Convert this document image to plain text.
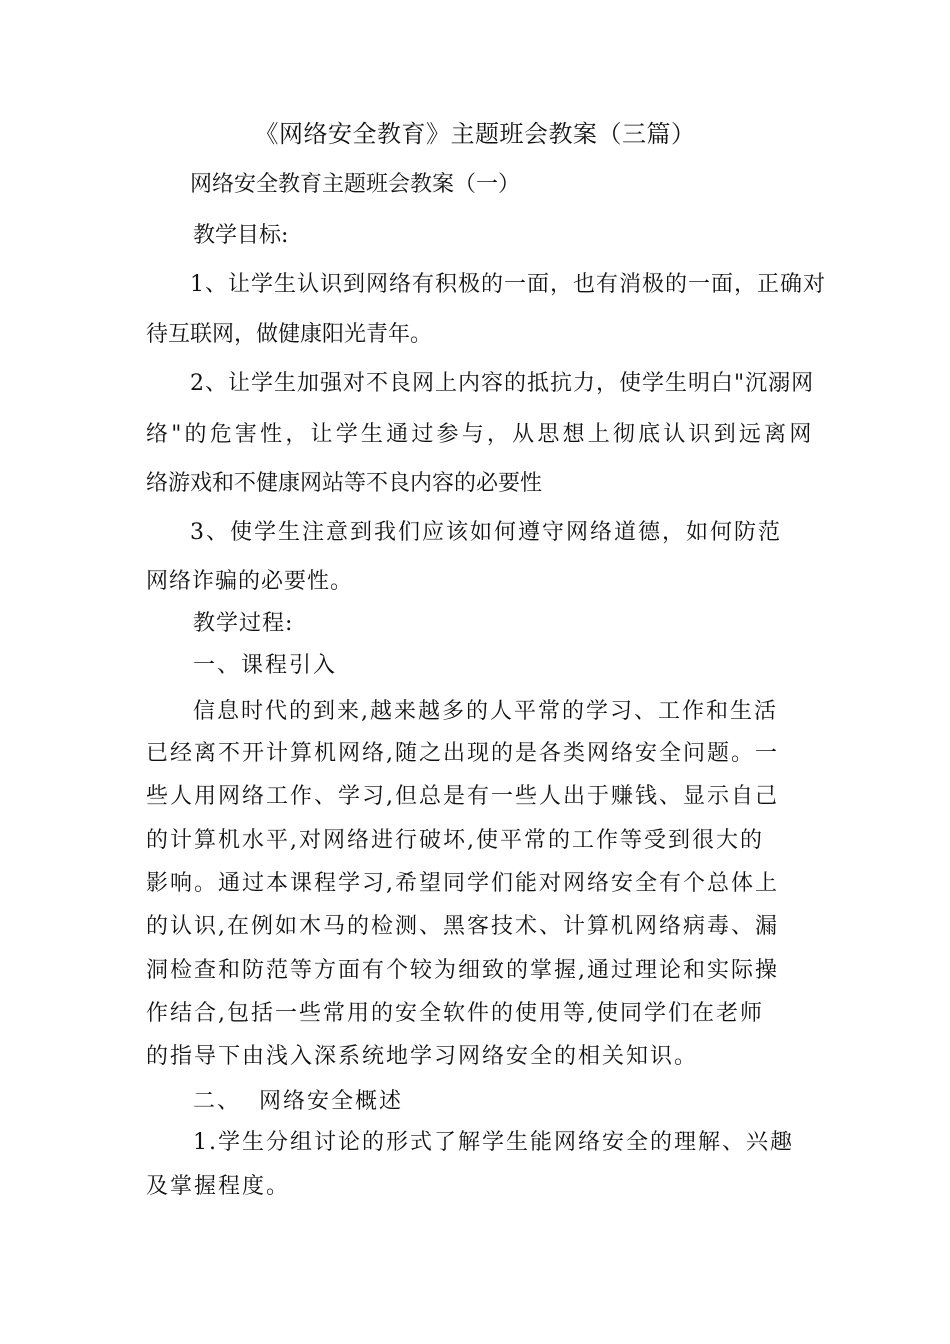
《网络安全教育》主题班会教案（三篇）
网络安全教育主题班会教案（一）
教学目标:
1、让学生认识到网络有积极的一面，也有消极的一面，正确对
待互联网，做健康阳光青年。
2、让学生加强对不良网上内容的抵抗力，使学生明白"沉溺网
络"的危害性，让学生通过参与，从思想上彻底认识到远离网
络游戏和不健康网站等不良内容的必要性
3、使学生注意到我们应该如何遵守网络道德，如何防范
网络诈骗的必要性。
教学过程:
一、课程引入
信息时代的到来,越来越多的人平常的学习、工作和生活
已经离不开计算机网络,随之出现的是各类网络安全问题。一
些人用网络工作、学习,但总是有一些人出于赚钱、显示自己
的计算机水平,对网络进行破坏,使平常的工作等受到很大的
影响。通过本课程学习,希望同学们能对网络安全有个总体上
的认识,在例如木马的检测、黑客技术、计算机网络病毒、漏
洞检查和防范等方面有个较为细致的掌握,通过理论和实际操
作结合,包括一些常用的安全软件的使用等,使同学们在老师
的指导下由浅入深系统地学习网络安全的相关知识。
二、  网络安全概述
1.学生分组讨论的形式了解学生能网络安全的理解、兴趣
及掌握程度。
